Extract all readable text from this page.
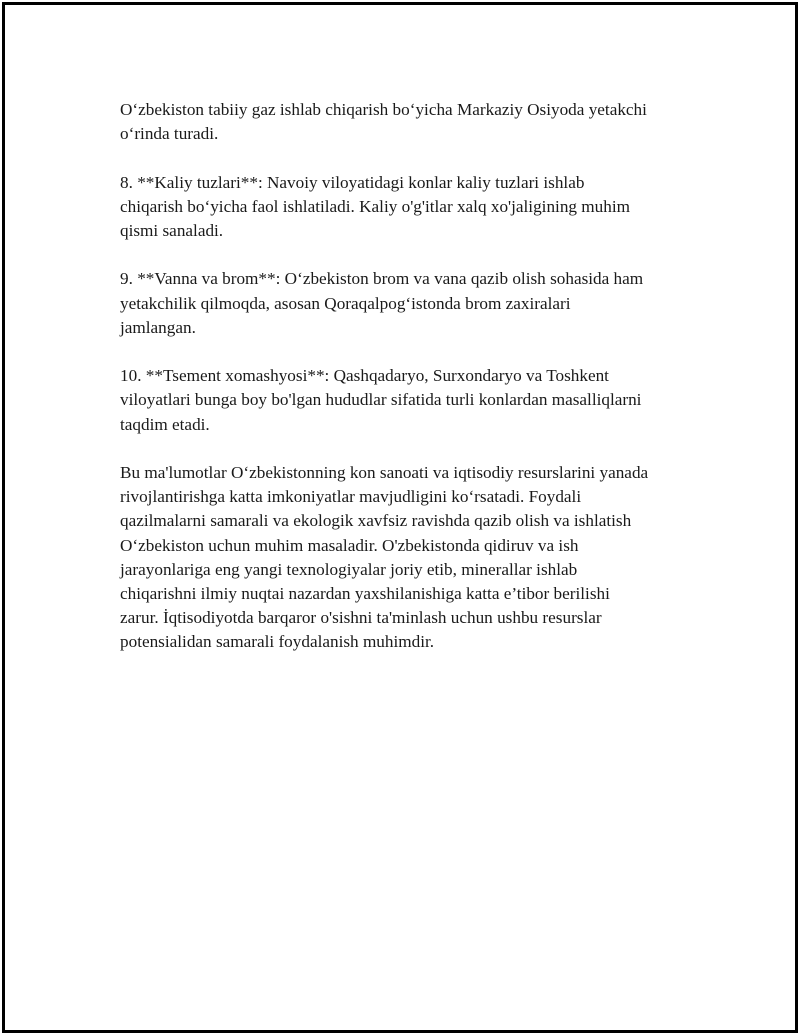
O‘zbekiston tabiiy gaz ishlab chiqarish bo‘yicha Markaziy Osiyoda yetakchi
o‘rinda turadi.

8. **Kaliy tuzlari**: Navoiy viloyatidagi konlar kaliy tuzlari ishlab
chiqarish bo‘yicha faol ishlatiladi. Kaliy o'g'itlar xalq xo'jaligining muhim
qismi sanaladi.

9. **Vanna va brom**: O‘zbekiston brom va vana qazib olish sohasida ham
yetakchilik qilmoqda, asosan Qoraqalpog‘istonda brom zaxiralari
jamlangan.

10. **Tsement xomashyosi**: Qashqadaryo, Surxondaryo va Toshkent
viloyatlari bunga boy bo'lgan hududlar sifatida turli konlardan masalliqlarni
taqdim etadi.

Bu ma'lumotlar O‘zbekistonning kon sanoati va iqtisodiy resurslarini yanada
rivojlantirishga katta imkoniyatlar mavjudligini ko‘rsatadi. Foydali
qazilmalarni samarali va ekologik xavfsiz ravishda qazib olish va ishlatish
O‘zbekiston uchun muhim masaladir. O'zbekistonda qidiruv va ish
jarayonlariga eng yangi texnologiyalar joriy etib, minerallar ishlab
chiqarishni ilmiy nuqtai nazardan yaxshilanishiga katta e’tibor berilishi
zarur. İqtisodiyotda barqaror o'sishni ta'minlash uchun ushbu resurslar
potensialidan samarali foydalanish muhimdir.
